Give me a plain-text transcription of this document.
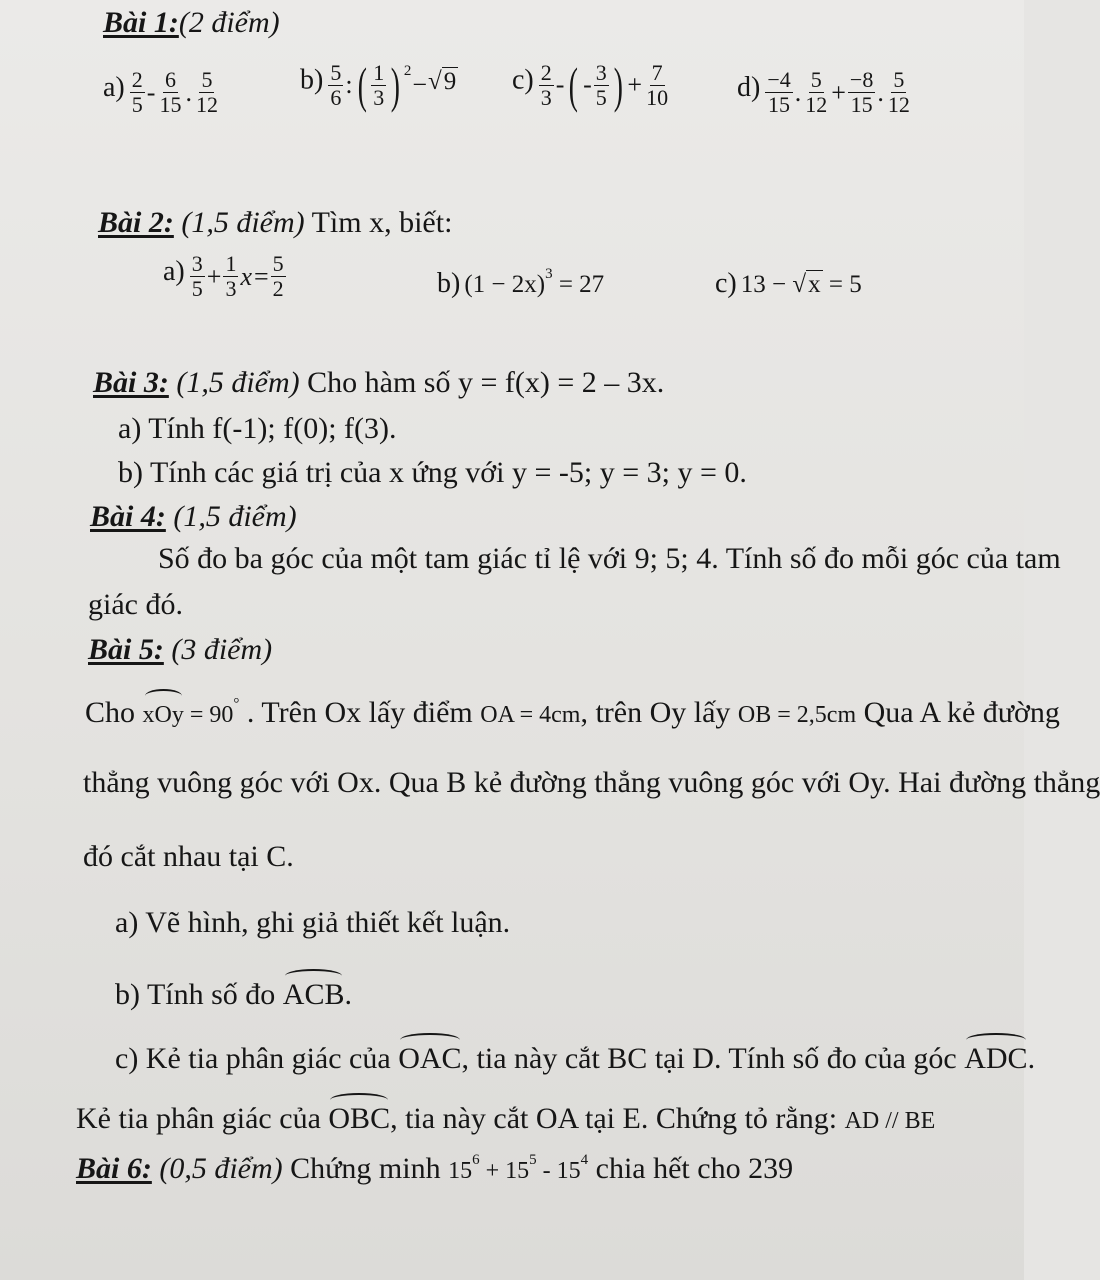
Bài 1:(2 điểm)
$a) \frac{2}{5} - \frac{6}{15}$ . $\frac{5}{12}$	$b) \frac{5}{6}$ :( $\frac{1}{3}$ ) 2−√9 $c) \frac{2}{3}$ -( - $\frac{3}{5}$ ) + $\frac{7}{10} d) \frac{-4}{15}$ . $\frac{5}{12} + \frac{-8}{15}$ . $\frac{5}{12}$
Bài 2: (1,5 điểm) Tìm x, biết:
$a) \frac{3}{5} + \frac{1}{3} x= \frac{5}{2}$	b) (1 − 2x)3 = 27	c) 13 − √x = 5
Bài 3: (1,5 điểm) Cho hàm số y = f(x) = 2 – 3x.
a) Tính f(-1); f(0); f(3).
b) Tính các giá trị của x ứng với y = -5; y = 3; y = 0.
Bài 4: (1,5 điểm)
Số đo ba góc của một tam giác tỉ lệ với 9; 5; 4. Tính số đo mỗi góc của tam
giác đó.
Bài 5: (3 điểm)
Cho xOy = 90° . Trên Ox lấy điểm OA = 4cm, trên Oy lấy OB = 2,5cm Qua A kẻ đường
thẳng vuông góc với Ox. Qua B kẻ đường thẳng vuông góc với Oy. Hai đường thẳng
đó cắt nhau tại C.
a) Vẽ hình, ghi giả thiết kết luận.
b) Tính số đo ACB.
c) Kẻ tia phân giác của OAC, tia này cắt BC tại D. Tính số đo của góc ADC.
Kẻ tia phân giác của OBC, tia này cắt OA tại E. Chứng tỏ rằng: AD // BE
Bài 6: (0,5 điểm) Chứng minh $15^6 + 15^5 - 15^4$ chia hết cho 239
